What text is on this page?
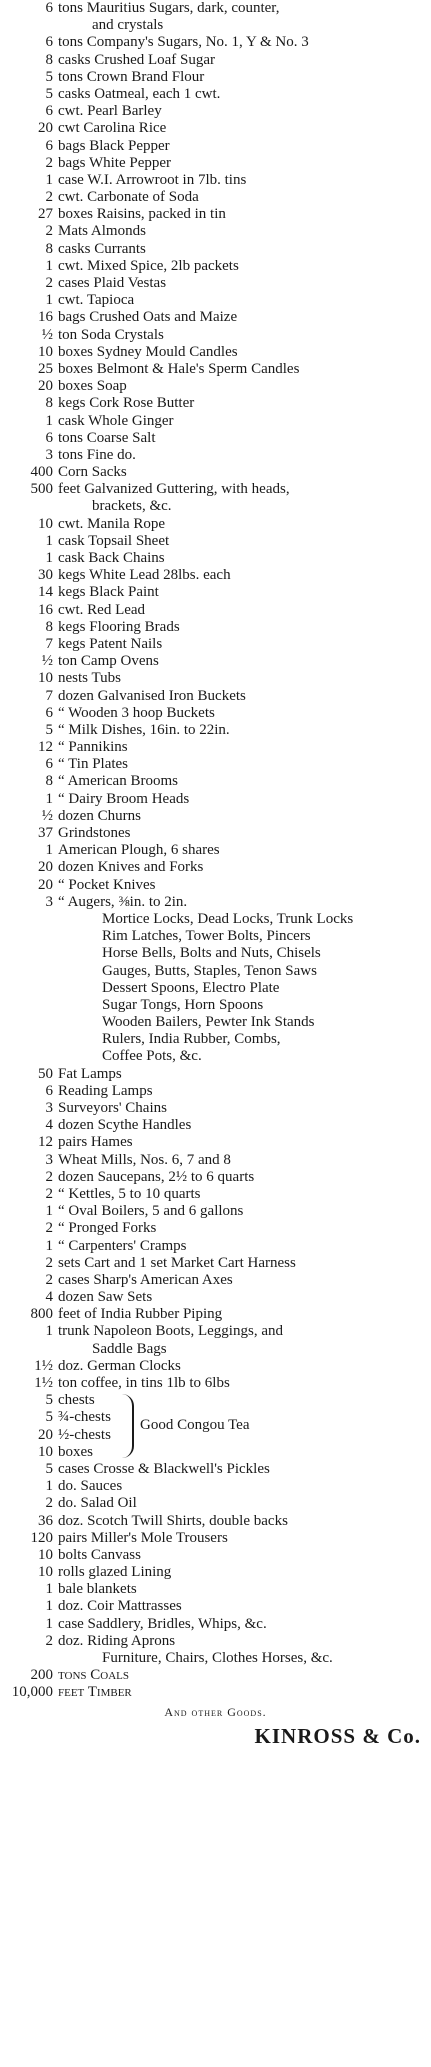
6 tons Mauritius Sugars, dark, counter,
and crystals
6 tons Company's Sugars, No. 1, Y & No. 3
8 casks Crushed Loaf Sugar
5 tons Crown Brand Flour
5 casks Oatmeal, each 1 cwt.
6 cwt. Pearl Barley
20 cwt Carolina Rice
6 bags Black Pepper
2 bags White Pepper
1 case W.I. Arrowroot in 7lb. tins
2 cwt. Carbonate of Soda
27 boxes Raisins, packed in tin
2 Mats Almonds
8 casks Currants
1 cwt. Mixed Spice, 2lb packets
2 cases Plaid Vestas
1 cwt. Tapioca
16 bags Crushed Oats and Maize
½ ton Soda Crystals
10 boxes Sydney Mould Candles
25 boxes Belmont & Hale's Sperm Candles
20 boxes Soap
8 kegs Cork Rose Butter
1 cask Whole Ginger
6 tons Coarse Salt
3 tons Fine do.
400 Corn Sacks
500 feet Galvanized Guttering, with heads,
brackets, &c.
10 cwt. Manila Rope
1 cask Topsail Sheet
1 cask Back Chains
30 kegs White Lead 28lbs. each
14 kegs Black Paint
16 cwt. Red Lead
8 kegs Flooring Brads
7 kegs Patent Nails
½ ton Camp Ovens
10 nests Tubs
7 dozen Galvanised Iron Buckets
6 “ Wooden 3 hoop Buckets
5 “ Milk Dishes, 16in. to 22in.
12 “ Pannikins
6 “ Tin Plates
8 “ American Brooms
1 “ Dairy Broom Heads
½ dozen Churns
37 Grindstones
1 American Plough, 6 shares
20 dozen Knives and Forks
20 “ Pocket Knives
3 “ Augers, ⅜in. to 2in.
Mortice Locks, Dead Locks, Trunk Locks
Rim Latches, Tower Bolts, Pincers
Horse Bells, Bolts and Nuts, Chisels
Gauges, Butts, Staples, Tenon Saws
Dessert Spoons, Electro Plate
Sugar Tongs, Horn Spoons
Wooden Bailers, Pewter Ink Stands
Rulers, India Rubber, Combs,
Coffee Pots, &c.
50 Fat Lamps
6 Reading Lamps
3 Surveyors' Chains
4 dozen Scythe Handles
12 pairs Hames
3 Wheat Mills, Nos. 6, 7 and 8
2 dozen Saucepans, 2½ to 6 quarts
2 “ Kettles, 5 to 10 quarts
1 “ Oval Boilers, 5 and 6 gallons
2 “ Pronged Forks
1 “ Carpenters' Cramps
2 sets Cart and 1 set Market Cart Harness
2 cases Sharp's American Axes
4 dozen Saw Sets
800 feet of India Rubber Piping
1 trunk Napoleon Boots, Leggings, and
Saddle Bags
1½ doz. German Clocks
1½ ton coffee, in tins 1lb to 6lbs
5 chests
5 ¾-chests
20 ½-chests
10 boxes
Good Congou Tea
5 cases Crosse & Blackwell's Pickles
1 do. Sauces
2 do. Salad Oil
36 doz. Scotch Twill Shirts, double backs
120 pairs Miller's Mole Trousers
10 bolts Canvass
10 rolls glazed Lining
1 bale blankets
1 doz. Coir Mattrasses
1 case Saddlery, Bridles, Whips, &c.
2 doz. Riding Aprons
Furniture, Chairs, Clothes Horses, &c.
200 tons Coals
10,000 feet Timber
And other Goods.
KINROSS & Co.
